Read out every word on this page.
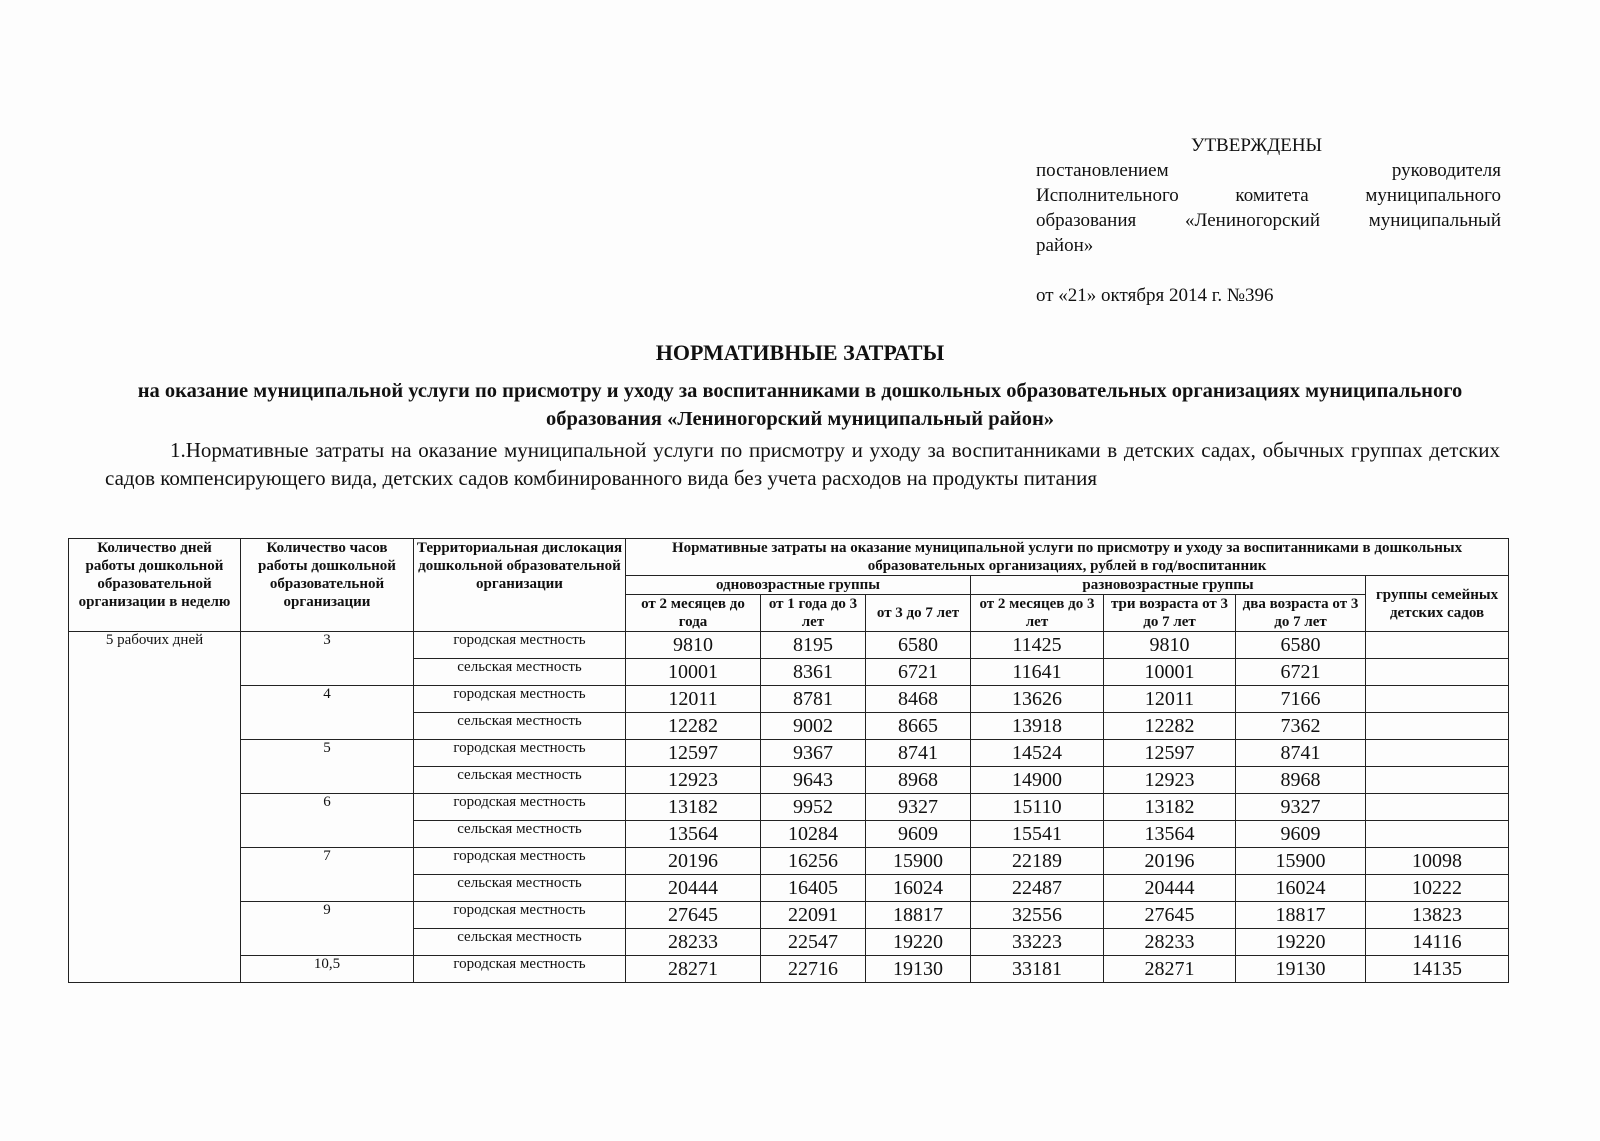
УТВЕРЖДЕНЫ
постановлением руководителя
Исполнительного комитета муниципального
образования «Лениногорский муниципальный
район»
от «21» октября 2014 г. №396
НОРМАТИВНЫЕ ЗАТРАТЫ
на оказание муниципальной услуги по присмотру и уходу за воспитанниками в дошкольных образовательных организациях муниципального образования «Лениногорский муниципальный район»
1.Нормативные затраты на оказание муниципальной услуги по присмотру и уходу за воспитанниками в детских садах, обычных группах детских садов компенсирующего вида, детских садов комбинированного вида без учета расходов на продукты питания
Количество дней работы дошкольной образовательной организации в неделю	Количество часов работы дошкольной образовательной организации	Территориальная дислокация дошкольной образовательной организации	Нормативные затраты на оказание муниципальной услуги по присмотру и уходу за воспитанниками в дошкольных образовательных организациях, рублей в год/воспитанник						
			одновозрастные группы			разновозрастные группы			группы семейных детских садов
			от 2 месяцев до года	от 1 года до 3 лет	от 3 до 7 лет	от 2 месяцев до 3 лет	три возраста от 3 до 7 лет	два возраста от 3 до 7 лет	
5 рабочих дней	3	городская местность	9810	8195	6580	11425	9810	6580	
		сельская местность	10001	8361	6721	11641	10001	6721	
	4	городская местность	12011	8781	8468	13626	12011	7166	
		сельская местность	12282	9002	8665	13918	12282	7362	
	5	городская местность	12597	9367	8741	14524	12597	8741	
		сельская местность	12923	9643	8968	14900	12923	8968	
	6	городская местность	13182	9952	9327	15110	13182	9327	
		сельская местность	13564	10284	9609	15541	13564	9609	
	7	городская местность	20196	16256	15900	22189	20196	15900	10098
		сельская местность	20444	16405	16024	22487	20444	16024	10222
	9	городская местность	27645	22091	18817	32556	27645	18817	13823
		сельская местность	28233	22547	19220	33223	28233	19220	14116
	10,5	городская местность	28271	22716	19130	33181	28271	19130	14135
